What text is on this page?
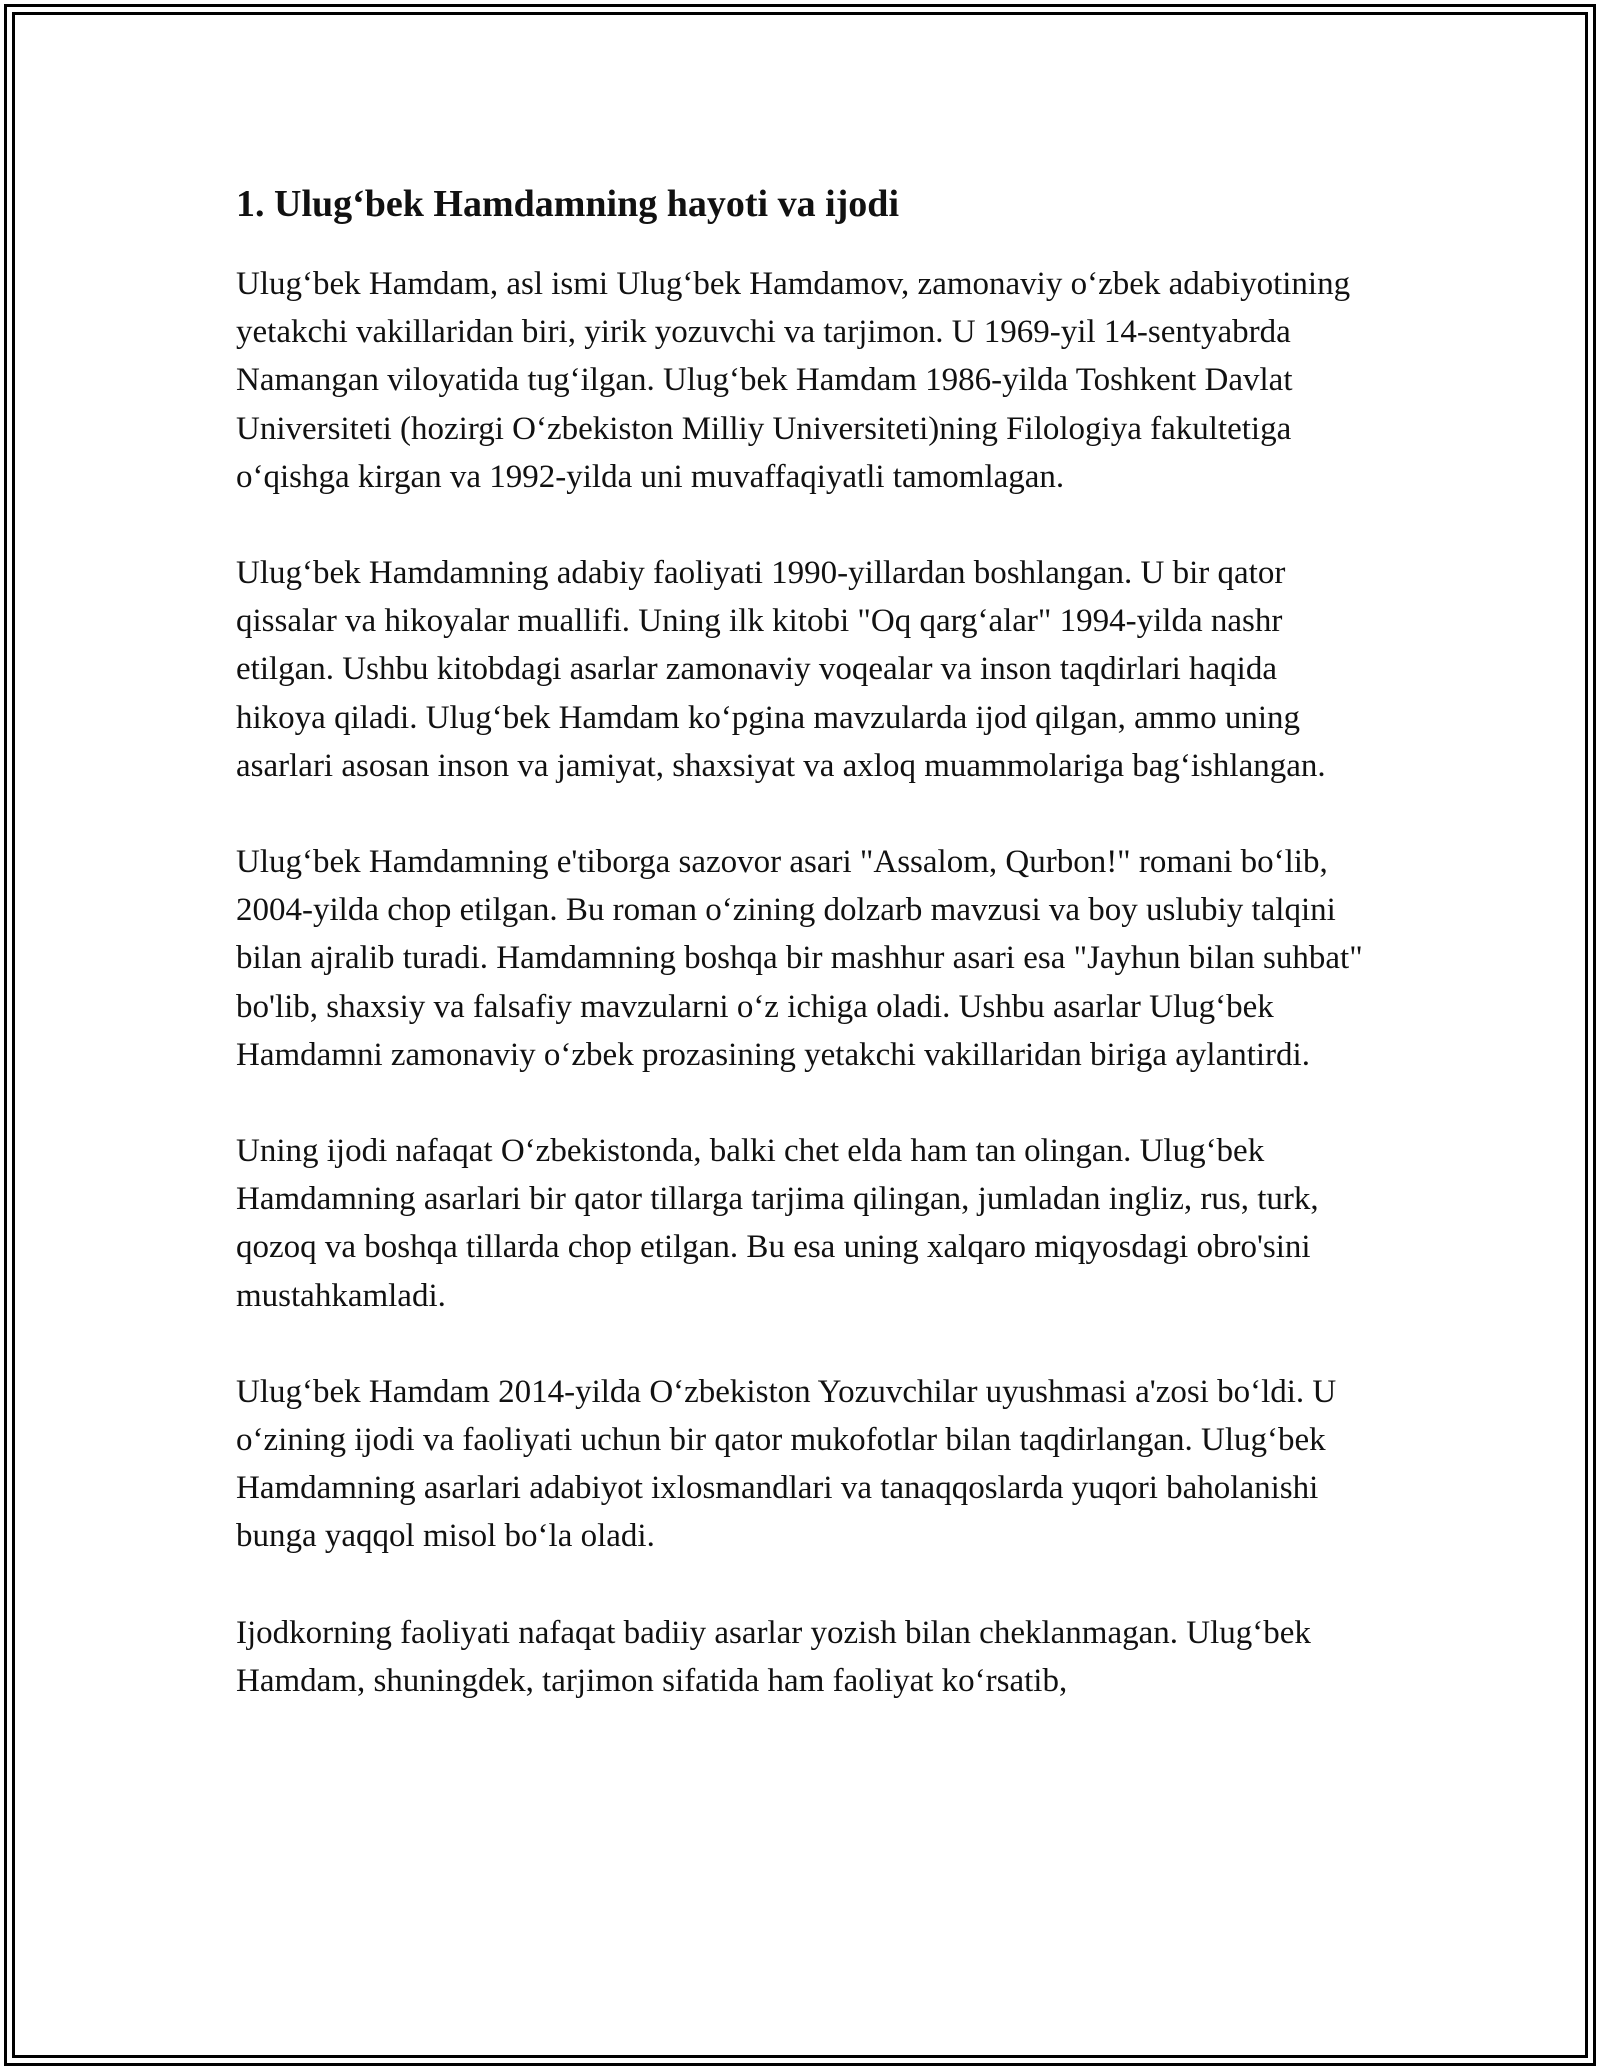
1. Ulug‘bek Hamdamning hayoti va ijodi

Ulug‘bek Hamdam, asl ismi Ulug‘bek Hamdamov, zamonaviy o‘zbek adabiyotining yetakchi vakillaridan biri, yirik yozuvchi va tarjimon. U 1969-yil 14-sentyabrda Namangan viloyatida tug‘ilgan. Ulug‘bek Hamdam 1986-yilda Toshkent Davlat Universiteti (hozirgi O‘zbekiston Milliy Universiteti)ning Filologiya fakultetiga o‘qishga kirgan va 1992-yilda uni muvaffaqiyatli tamomlagan.

Ulug‘bek Hamdamning adabiy faoliyati 1990-yillardan boshlangan. U bir qator qissalar va hikoyalar muallifi. Uning ilk kitobi "Oq qarg‘alar" 1994-yilda nashr etilgan. Ushbu kitobdagi asarlar zamonaviy voqealar va inson taqdirlari haqida hikoya qiladi. Ulug‘bek Hamdam ko‘pgina mavzularda ijod qilgan, ammo uning asarlari asosan inson va jamiyat, shaxsiyat va axloq muammolariga bag‘ishlangan.

Ulug‘bek Hamdamning e'tiborga sazovor asari "Assalom, Qurbon!" romani bo‘lib, 2004-yilda chop etilgan. Bu roman o‘zining dolzarb mavzusi va boy uslubiy talqini bilan ajralib turadi. Hamdamning boshqa bir mashhur asari esa "Jayhun bilan suhbat" bo'lib, shaxsiy va falsafiy mavzularni o‘z ichiga oladi. Ushbu asarlar Ulug‘bek Hamdamni zamonaviy o‘zbek prozasining yetakchi vakillaridan biriga aylantirdi.

Uning ijodi nafaqat O‘zbekistonda, balki chet elda ham tan olingan. Ulug‘bek Hamdamning asarlari bir qator tillarga tarjima qilingan, jumladan ingliz, rus, turk, qozoq va boshqa tillarda chop etilgan. Bu esa uning xalqaro miqyosdagi obro'sini mustahkamladi.

Ulug‘bek Hamdam 2014-yilda O‘zbekiston Yozuvchilar uyushmasi a'zosi bo‘ldi. U o‘zining ijodi va faoliyati uchun bir qator mukofotlar bilan taqdirlangan. Ulug‘bek Hamdamning asarlari adabiyot ixlosmandlari va tanaqqoslarda yuqori baholanishi bunga yaqqol misol bo‘la oladi.

Ijodkorning faoliyati nafaqat badiiy asarlar yozish bilan cheklanmagan. Ulug‘bek Hamdam, shuningdek, tarjimon sifatida ham faoliyat ko‘rsatib,
